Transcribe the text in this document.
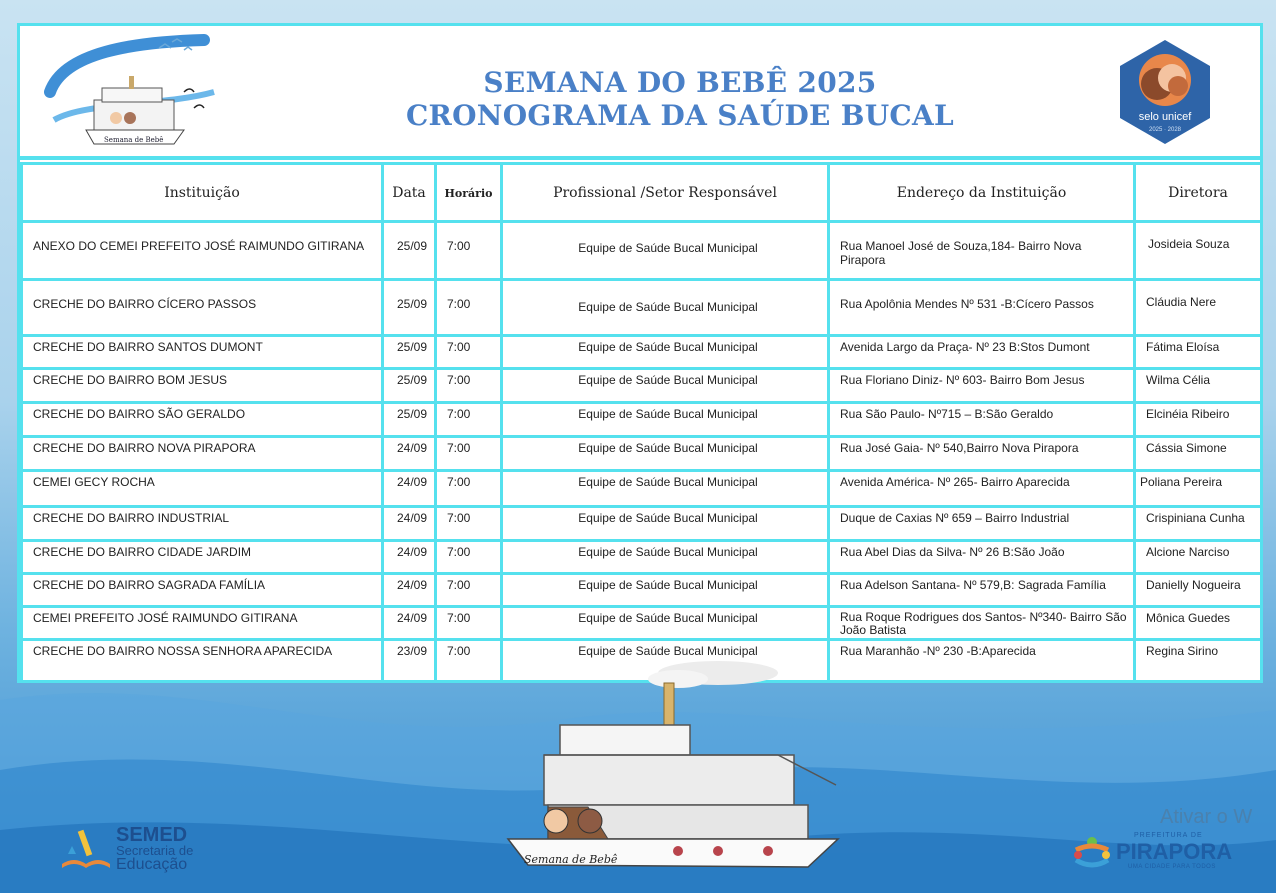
Semana de Bebê
SEMANA DO BEBÊ 2025
CRONOGRAMA DA SAÚDE BUCAL	selo unicef
2025 · 2028
Instituição	Data	Horário	Profissional /Setor Responsável	Endereço da Instituição	Diretora
ANEXO DO CEMEI PREFEITO JOSÉ RAIMUNDO GITIRANA	25/09	7:00	Equipe de Saúde Bucal Municipal	Rua Manoel José de Souza,184- Bairro Nova Pirapora	Josideia Souza
CRECHE DO BAIRRO CÍCERO PASSOS	25/09	7:00	Equipe de Saúde Bucal Municipal	Rua Apolônia Mendes Nº 531 -B:Cícero Passos	Cláudia Nere
CRECHE DO BAIRRO SANTOS DUMONT	25/09	7:00	Equipe de Saúde Bucal Municipal	Avenida Largo da Praça- Nº 23 B:Stos Dumont	Fátima Eloísa
CRECHE DO BAIRRO BOM JESUS	25/09	7:00	Equipe de Saúde Bucal Municipal	Rua Floriano Diniz- Nº 603- Bairro Bom Jesus	Wilma Célia
CRECHE DO BAIRRO SÃO GERALDO	25/09	7:00	Equipe de Saúde Bucal Municipal	Rua São Paulo- Nº715 – B:São Geraldo	Elcinéia Ribeiro
CRECHE DO BAIRRO NOVA PIRAPORA	24/09	7:00	Equipe de Saúde Bucal Municipal	Rua José Gaia- Nº 540,Bairro Nova Pirapora	Cássia Simone
CEMEI GECY ROCHA	24/09	7:00	Equipe de Saúde Bucal Municipal	Avenida América- Nº 265- Bairro Aparecida	Poliana Pereira
CRECHE DO BAIRRO INDUSTRIAL	24/09	7:00	Equipe de Saúde Bucal Municipal	Duque de Caxias Nº 659 – Bairro Industrial	Crispiniana Cunha
CRECHE DO BAIRRO CIDADE JARDIM	24/09	7:00	Equipe de Saúde Bucal Municipal	Rua Abel Dias da Silva- Nº 26 B:São João	Alcione Narciso
CRECHE DO BAIRRO SAGRADA FAMÍLIA	24/09	7:00	Equipe de Saúde Bucal Municipal	Rua Adelson Santana- Nº 579,B: Sagrada Família	Danielly Nogueira
CEMEI PREFEITO JOSÉ RAIMUNDO GITIRANA	24/09	7:00	Equipe de Saúde Bucal Municipal	Rua Roque Rodrigues dos Santos- Nº340- Bairro São João Batista	Mônica Guedes
CRECHE DO BAIRRO NOSSA SENHORA APARECIDA	23/09	7:00	Equipe de Saúde Bucal Municipal	Rua Maranhão -Nº 230 -B:Aparecida	Regina Sirino
Semana de Bebê
SEMED
Secretaria de
Educação
PREFEITURA DE
PIRAPORA
UMA CIDADE PARA TODOS
Ativar o W
